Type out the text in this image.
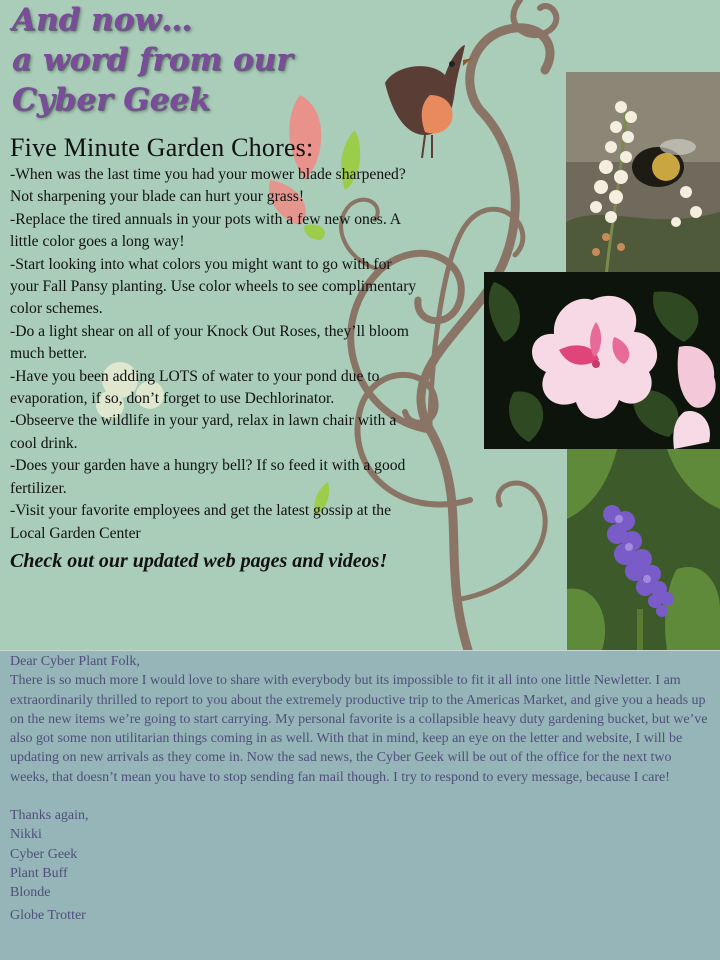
And now…
a word from our
Cyber Geek
Five Minute Garden Chores:
-When was the last time you had your mower blade sharpened? Not sharpening your blade can hurt your grass!
-Replace the tired annuals in your pots with a few new ones. A little color goes a long way!
-Start looking into what colors you might want to go with for your Fall Pansy planting. Use color wheels to see complimentary color schemes.
-Do a light shear on all of your Knock Out Roses, they’ll bloom much better.
-Have you been adding LOTS of water to your pond due to evaporation, if so, don’t forget to use Dechlorinator.
-Obseerve the wildlife in your yard, relax in lawn chair with a cool drink.
-Does your garden have a hungry bell? If so feed it with a good fertilizer.
-Visit your favorite employees and get the latest gossip at the Local Garden Center
Check out our updated web pages and videos!

Dear Cyber Plant Folk,

There is so much more I would love to share with everybody but its impossible to fit it all into one little Newletter. I am extraordinarily thrilled to report to you about the extremely productive trip to the Americas Market, and give you a heads up on the new items we’re going to start carrying. My personal favorite is a collapsible heavy duty gardening bucket, but we’ve also got some non utilitarian things coming in as well. With that in mind, keep an eye on the letter and website, I will be updating on new arrivals as they come in. Now the sad news, the Cyber Geek will be out of the office for the next two weeks, that doesn’t mean you have to stop sending fan mail though. I try to respond to every message, because I care!

Thanks again,

Nikki

Cyber Geek

Plant Buff

Blonde

Globe Trotter
